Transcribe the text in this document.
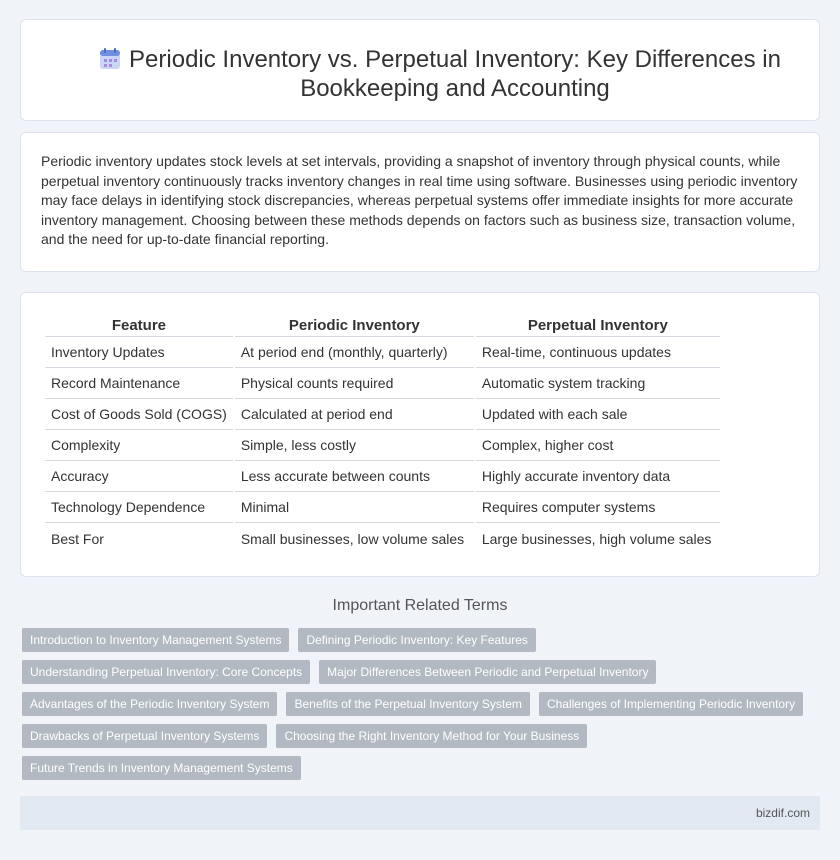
Periodic Inventory vs. Perpetual Inventory: Key Differences in Bookkeeping and Accounting

Periodic inventory updates stock levels at set intervals, providing a snapshot of inventory through physical counts, while perpetual inventory continuously tracks inventory changes in real time using software. Businesses using periodic inventory may face delays in identifying stock discrepancies, whereas perpetual systems offer immediate insights for more accurate inventory management. Choosing between these methods depends on factors such as business size, transaction volume, and the need for up-to-date financial reporting.

Feature	Periodic Inventory	Perpetual Inventory
Inventory Updates	At period end (monthly, quarterly)	Real-time, continuous updates
Record Maintenance	Physical counts required	Automatic system tracking
Cost of Goods Sold (COGS)	Calculated at period end	Updated with each sale
Complexity	Simple, less costly	Complex, higher cost
Accuracy	Less accurate between counts	Highly accurate inventory data
Technology Dependence	Minimal	Requires computer systems
Best For	Small businesses, low volume sales	Large businesses, high volume sales
Important Related Terms
Introduction to Inventory Management Systems	Defining Periodic Inventory: Key Features
Understanding Perpetual Inventory: Core Concepts	Major Differences Between Periodic and Perpetual Inventory
Advantages of the Periodic Inventory System	Benefits of the Perpetual Inventory System	Challenges of Implementing Periodic Inventory
Drawbacks of Perpetual Inventory Systems	Choosing the Right Inventory Method for Your Business
Future Trends in Inventory Management Systems
bizdif.com
